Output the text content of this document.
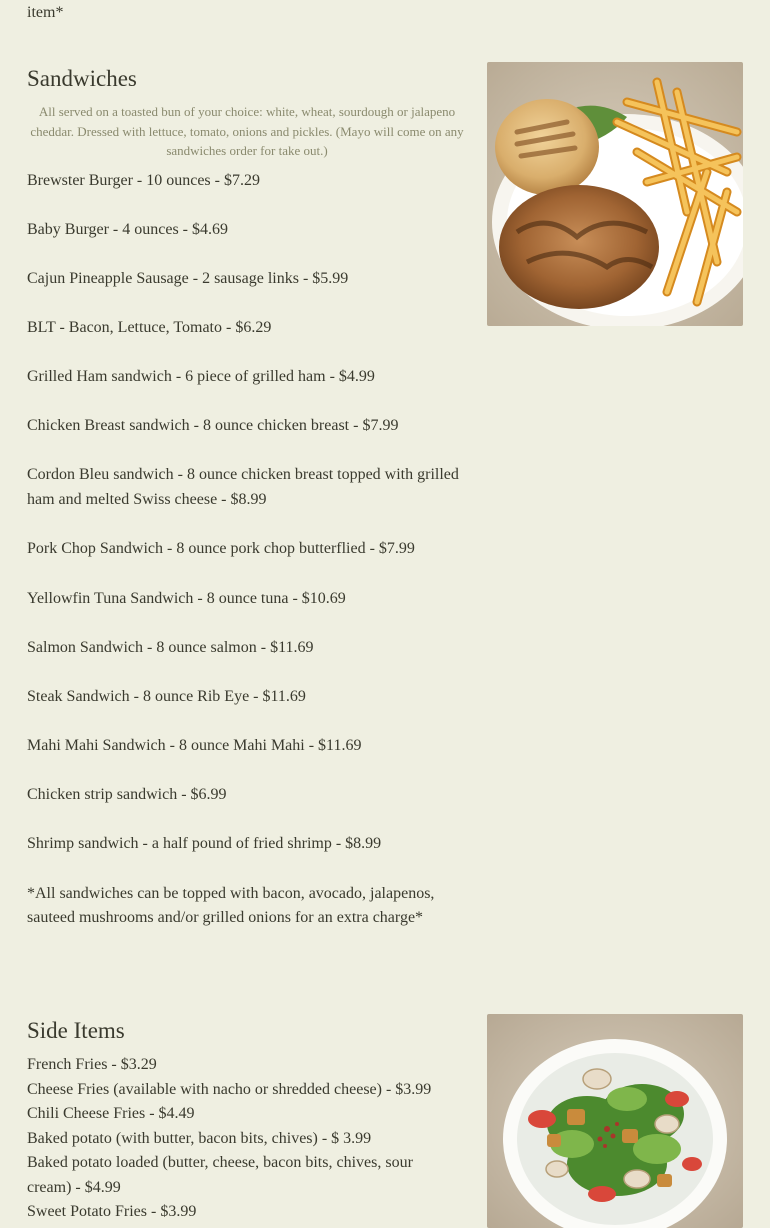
item*
Sandwiches

All served on a toasted bun of your choice: white, wheat, sourdough or jalapeno cheddar. Dressed with lettuce, tomato, onions and pickles. (Mayo will come on any sandwiches order for take out.)

Brewster Burger - 10 ounces - $7.29

Baby Burger - 4 ounces - $4.69

Cajun Pineapple Sausage - 2 sausage links - $5.99

BLT - Bacon, Lettuce, Tomato - $6.29

Grilled Ham sandwich - 6 piece of grilled ham - $4.99

Chicken Breast sandwich - 8 ounce chicken breast - $7.99

Cordon Bleu sandwich - 8 ounce chicken breast topped with grilled ham and melted Swiss cheese - $8.99

Pork Chop Sandwich - 8 ounce pork chop butterflied - $7.99

Yellowfin Tuna Sandwich - 8 ounce tuna - $10.69

Salmon Sandwich - 8 ounce salmon - $11.69

Steak Sandwich - 8 ounce Rib Eye - $11.69

Mahi Mahi Sandwich - 8 ounce Mahi Mahi - $11.69

Chicken strip sandwich - $6.99

Shrimp sandwich - a half pound of fried shrimp - $8.99

*All sandwiches can be topped with bacon, avocado, jalapenos, sauteed mushrooms and/or grilled onions for an extra charge*

Side Items

French Fries - $3.29

Cheese Fries (available with nacho or shredded cheese) - $3.99

Chili Cheese Fries - $4.49

Baked potato (with butter, bacon bits, chives) - $ 3.99

Baked potato loaded (butter, cheese, bacon bits, chives, sour cream) - $4.99

Sweet Potato Fries - $3.99
